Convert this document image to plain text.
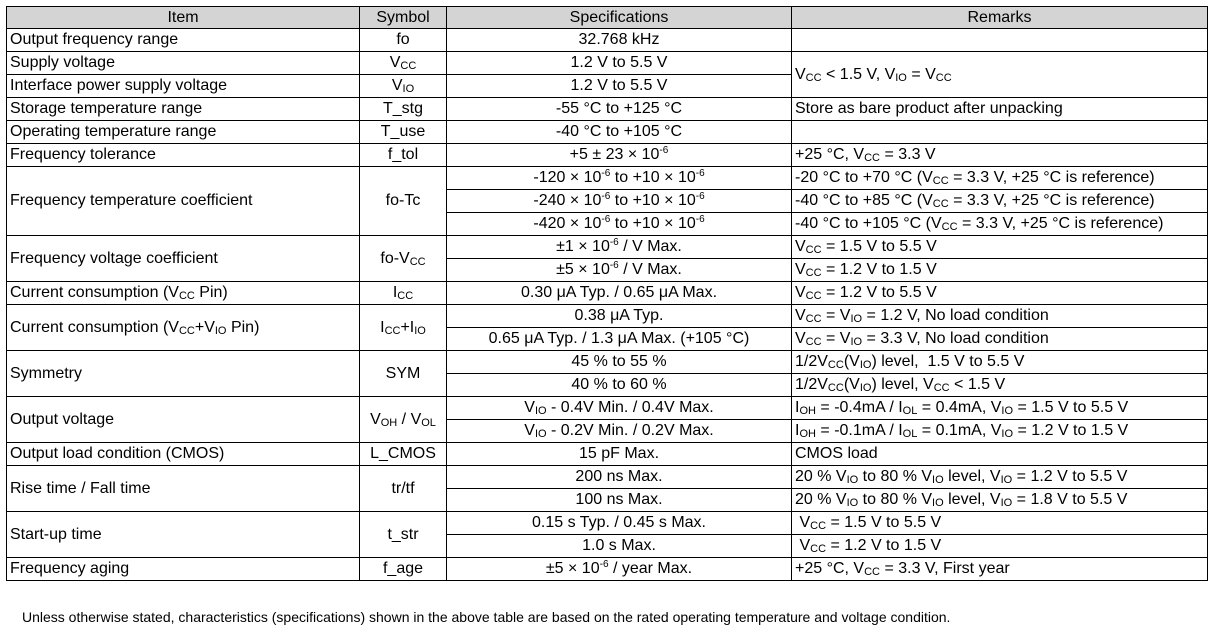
Item	Symbol	Specifications	Remarks
Output frequency range	fo	32.768 kHz	
Supply voltage	$V_{CC}$	1.2 V to 5.5 V	$V_{CC} < 1.5$ V, $V_{IO} = V_{CC}$
Interface power supply voltage	$V_{IO}$	1.2 V to 5.5 V	
Storage temperature range	T_stg	-55 °C to +125 °C	Store as bare product after unpacking
Operating temperature range	T_use	-40 °C to +105 °C	
Frequency tolerance	f_tol	$+5 \pm 23 \times 10^{-6}$	+25 °C, $V_{CC} = 3.3$ V
Frequency temperature coefficient	fo-Tc	$-120 \times 10^{-6}$ to $+10 \times 10^{-6}$	-20 °C to +70 °C ($V_{CC} = 3.3$ V, +25 °C is reference)
		$-240 \times 10^{-6}$ to $+10 \times 10^{-6}$	-40 °C to +85 °C ($V_{CC} = 3.3$ V, +25 °C is reference)
		$-420 \times 10^{-6}$ to $+10 \times 10^{-6}$	-40 °C to +105 °C ($V_{CC} = 3.3$ V, +25 °C is reference)
Frequency voltage coefficient	$fo-V_{CC}$	$\pm 1 \times 10^{-6} / V$ Max.	$V_{CC} = 1.5$ V to 5.5 V
		$\pm 5 \times 10^{-6} / V$ Max.	$V_{CC} = 1.2$ V to 1.5 V
Current consumption ($V_{CC}$ Pin)	$I_{CC}$	0.30 μA Typ. / 0.65 μA Max.	$V_{CC} = 1.2$ V to 5.5 V
Current consumption ($V_{CC}+V_{IO}$ Pin)	$I_{CC}+I_{IO}$	0.38 μA Typ.	$V_{CC} = V_{IO} = 1.2$ V, No load condition
		0.65 μA Typ. / 1.3 μA Max. (+105 °C)	$V_{CC} = V_{IO} = 3.3$ V, No load condition
Symmetry	SYM	45 % to 55 %	$1/2V_{CC}(V_{IO})$ level,  1.5 V to 5.5 V
		40 % to 60 %	$1/2V_{CC}(V_{IO})$ level, $V_{CC} < 1.5$ V
Output voltage	$V_{OH} / V_{OL}$	$V_{IO} - 0.4V$ Min. / 0.4V Max.	$I_{OH} = -0.4mA / I_{OL} = 0.4mA$, $V_{IO} = 1.5$ V to 5.5 V
		$V_{IO} - 0.2V$ Min. / 0.2V Max.	$I_{OH} = -0.1mA / I_{OL} = 0.1mA$, $V_{IO} = 1.2$ V to 1.5 V
Output load condition (CMOS)	L_CMOS	15 pF Max.	CMOS load
Rise time / Fall time	tr/tf	200 ns Max.	20 % $V_{IO}$ to 80 % $V_{IO}$ level, $V_{IO} = 1.2$ V to 5.5 V
		100 ns Max.	20 % $V_{IO}$ to 80 % $V_{IO}$ level, $V_{IO} = 1.8$ V to 5.5 V
Start-up time	t_str	0.15 s Typ. / 0.45 s Max.	$V_{CC} = 1.5$ V to 5.5 V
		1.0 s Max.	$V_{CC} = 1.2$ V to 1.5 V
Frequency aging	f_age	$\pm 5 \times 10^{-6}$ / year Max.	+25 °C, $V_{CC} = 3.3$ V, First year
Unless otherwise stated, characteristics (specifications) shown in the above table are based on the rated operating temperature and voltage condition.
